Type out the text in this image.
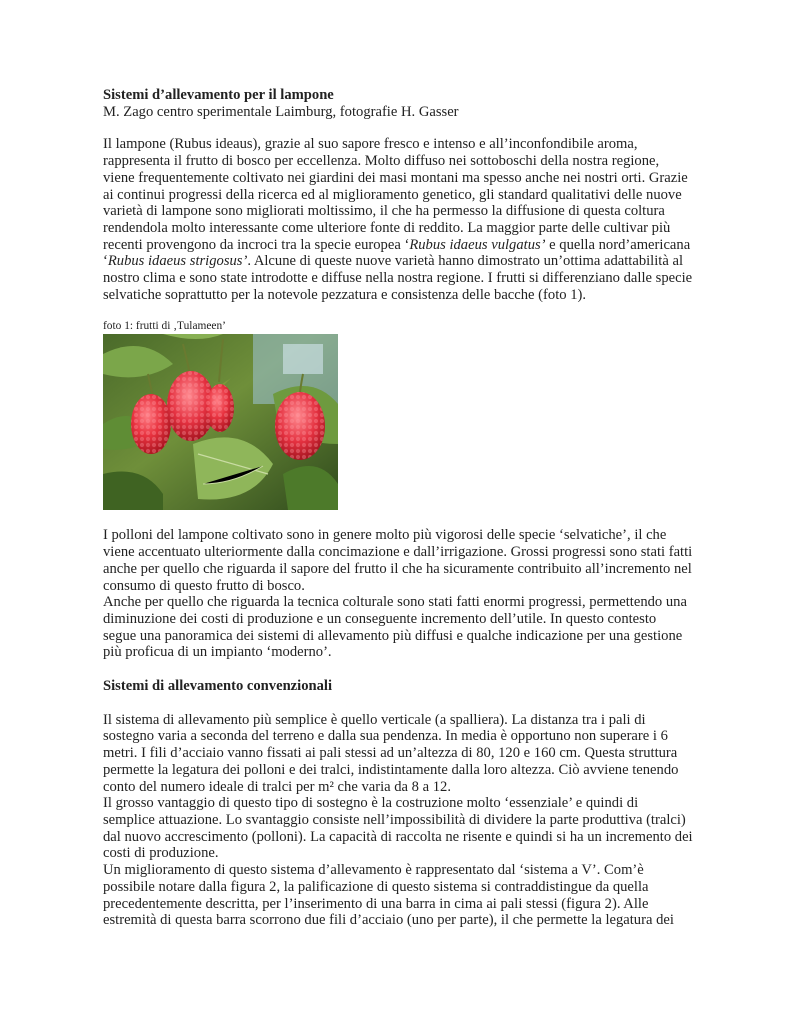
Sistemi d’allevamento per il lampone

M. Zago centro sperimentale Laimburg, fotografie H. Gasser

Il lampone (Rubus ideaus), grazie al suo sapore fresco e intenso e all’inconfondibile aroma, rappresenta il frutto di bosco per eccellenza. Molto diffuso nei sottoboschi della nostra regione, viene frequentemente coltivato nei giardini dei masi montani ma spesso anche nei nostri orti. Grazie ai continui progressi della ricerca ed al miglioramento genetico, gli standard qualitativi delle nuove varietà di lampone sono migliorati moltissimo, il che ha permesso la diffusione di questa coltura rendendola molto interessante come ulteriore fonte di reddito. La maggior parte delle cultivar più recenti provengono da incroci tra la specie europea ‘Rubus idaeus vulgatus’ e quella nord’americana ‘Rubus idaeus strigosus’. Alcune di queste nuove varietà hanno dimostrato un’ottima adattabilità al nostro clima e sono state introdotte e diffuse nella nostra regione. I frutti si differenziano dalle specie selvatiche soprattutto per la notevole pezzatura e consistenza delle bacche (foto 1).

foto 1: frutti di ‚Tulameen’

I polloni del lampone coltivato sono in genere molto più vigorosi delle specie ‘selvatiche’, il che viene accentuato ulteriormente dalla concimazione e dall’irrigazione. Grossi progressi sono stati fatti anche per quello che riguarda il sapore del frutto il che ha sicuramente contribuito all’incremento nel consumo di questo frutto di bosco.

Anche per quello che riguarda la tecnica colturale sono stati fatti enormi progressi, permettendo una diminuzione dei costi di produzione e un conseguente incremento dell’utile. In questo contesto segue una panoramica dei sistemi di allevamento più diffusi e qualche indicazione per una gestione più proficua di un impianto ‘moderno’.

Sistemi di allevamento convenzionali

Il sistema di allevamento più semplice è quello verticale (a spalliera). La distanza tra i pali di sostegno varia a seconda del terreno e dalla sua pendenza. In media è opportuno non superare i 6 metri. I fili d’acciaio vanno fissati ai pali stessi ad un’altezza di 80, 120 e 160 cm. Questa struttura permette la legatura dei polloni e dei tralci, indistintamente dalla loro altezza. Ciò avviene tenendo conto del numero ideale di tralci per m² che varia da 8 a 12.

Il grosso vantaggio di questo tipo di sostegno è la costruzione molto ‘essenziale’ e quindi di semplice attuazione. Lo svantaggio consiste nell’impossibilità di dividere la parte produttiva (tralci) dal nuovo accrescimento (polloni). La capacità di raccolta ne risente e quindi si ha un incremento dei costi di produzione.

Un miglioramento di questo sistema d’allevamento è rappresentato dal ‘sistema a V’. Com’è possibile notare dalla figura 2, la palificazione di questo sistema si contraddistingue da quella precedentemente descritta, per l’inserimento di una barra in cima ai pali stessi (figura 2). Alle estremità di questa barra scorrono due fili d’acciaio (uno per parte), il che permette la legatura dei
